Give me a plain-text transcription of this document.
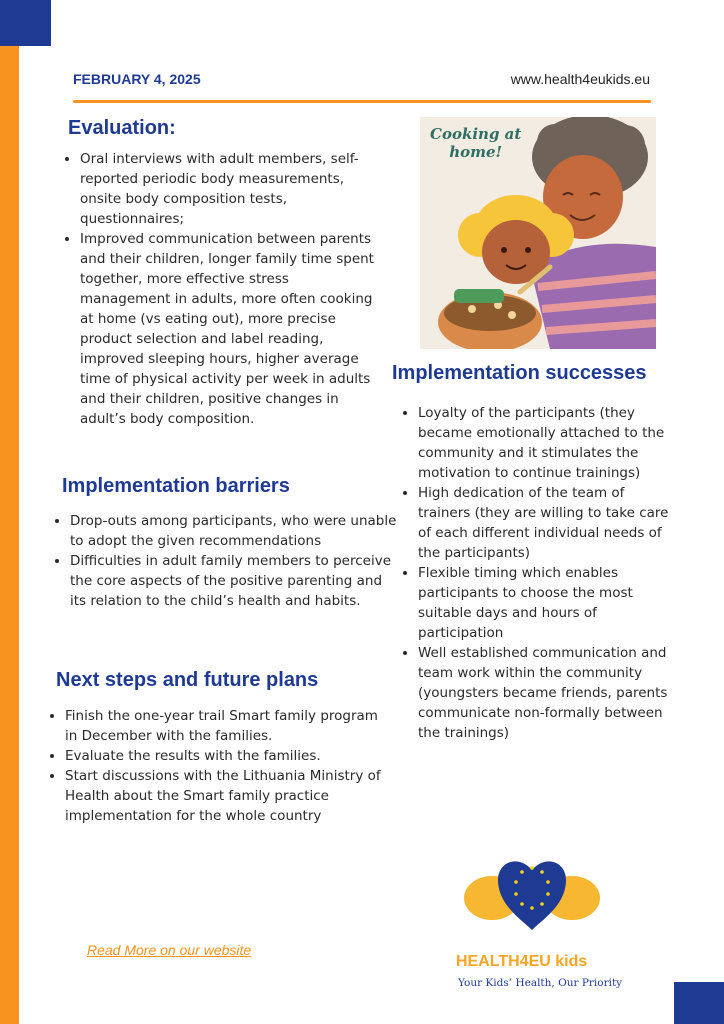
FEBRUARY 4, 2025	www.health4eukids.eu
Evaluation:
• Oral interviews with adult members, self-reported periodic body measurements, onsite body composition tests, questionnaires;
• Improved communication between parents and their children, longer family time spent together, more effective stress management in adults, more often cooking at home (vs eating out), more precise product selection and label reading, improved sleeping hours, higher average time of physical activity per week in adults and their children, positive changes in adult’s body composition.
Implementation barriers
• Drop-outs among participants, who were unable to adopt the given recommendations
• Difficulties in adult family members to perceive the core aspects of the positive parenting and its relation to the child’s health and habits.
Next steps and future plans
• Finish the one-year trail Smart family program in December with the families.
• Evaluate the results with the families.
• Start discussions with the Lithuania Ministry of Health about the Smart family practice implementation for the whole country
Cooking at
home!
Implementation successes
• Loyalty of the participants (they became emotionally attached to the community and it stimulates the motivation to continue trainings)
• High dedication of the team of trainers (they are willing to take care of each different individual needs of the participants)
• Flexible timing which enables participants to choose the most suitable days and hours of participation
• Well established communication and team work within the community (youngsters became friends, parents communicate non-formally between the trainings)
Read More on our website
HEALTH4EU kids
Your Kids’ Health, Our Priority
